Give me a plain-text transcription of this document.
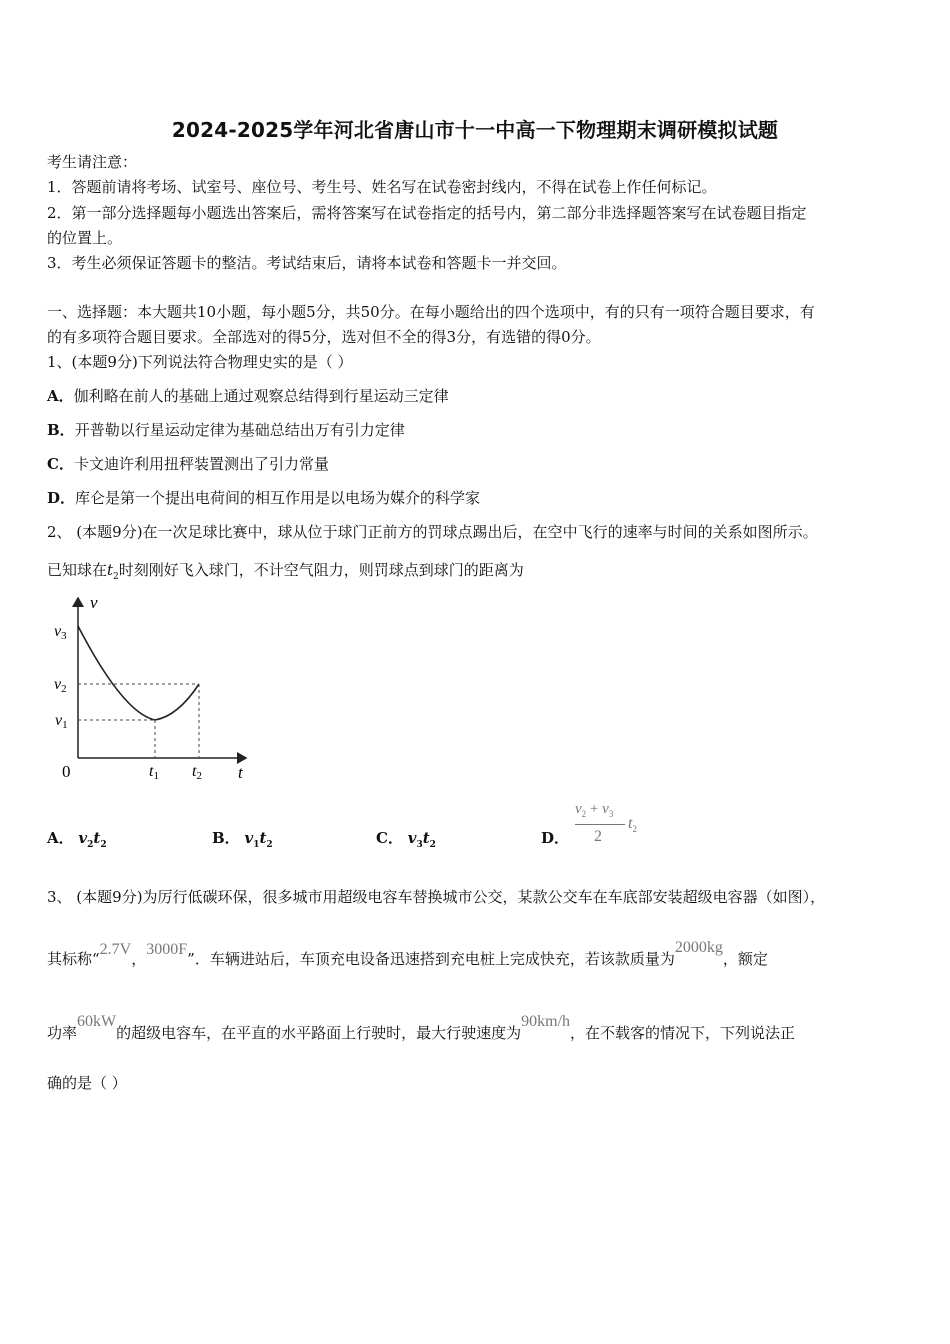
2024-2025学年河北省唐山市十一中高一下物理期末调研模拟试题
考生请注意：
1．答题前请将考场、试室号、座位号、考生号、姓名写在试卷密封线内，不得在试卷上作任何标记。
2．第一部分选择题每小题选出答案后，需将答案写在试卷指定的括号内，第二部分非选择题答案写在试卷题目指定
的位置上。
3．考生必须保证答题卡的整洁。考试结束后，请将本试卷和答题卡一并交回。
一、选择题：本大题共10小题，每小题5分，共50分。在每小题给出的四个选项中，有的只有一项符合题目要求，有
的有多项符合题目要求。全部选对的得5分，选对但不全的得3分，有选错的得0分。
1、(本题9分)下列说法符合物理史实的是（ ）
A．伽利略在前人的基础上通过观察总结得到行星运动三定律
B．开普勒以行星运动定律为基础总结出万有引力定律
C．卡文迪许利用扭秤装置测出了引力常量
D．库仑是第一个提出电荷间的相互作用是以电场为媒介的科学家
2、 (本题9分)在一次足球比赛中，球从位于球门正前方的罚球点踢出后，在空中飞行的速率与时间的关系如图所示。
已知球在$t_2$时刻刚好飞入球门，不计空气阻力，则罚球点到球门的距离为
v
t
0
v3
v2
v1
t1 t2
A． $v_2t_2$	B． $v_1t_2$	C． $v_3t_2$	D．
$v_2 + v_3$
2
$t_2$
3、 (本题9分)为厉行低碳环保，很多城市用超级电容车替换城市公交，某款公交车在车底部安装超级电容器（如图），
其标称“2.7V，3000F”．车辆进站后，车顶充电设备迅速搭到充电桩上完成快充，若该款质量为2000kg，额定
功率60kW的超级电容车，在平直的水平路面上行驶时，最大行驶速度为90km/h，在不载客的情况下，下列说法正
确的是（ ）
